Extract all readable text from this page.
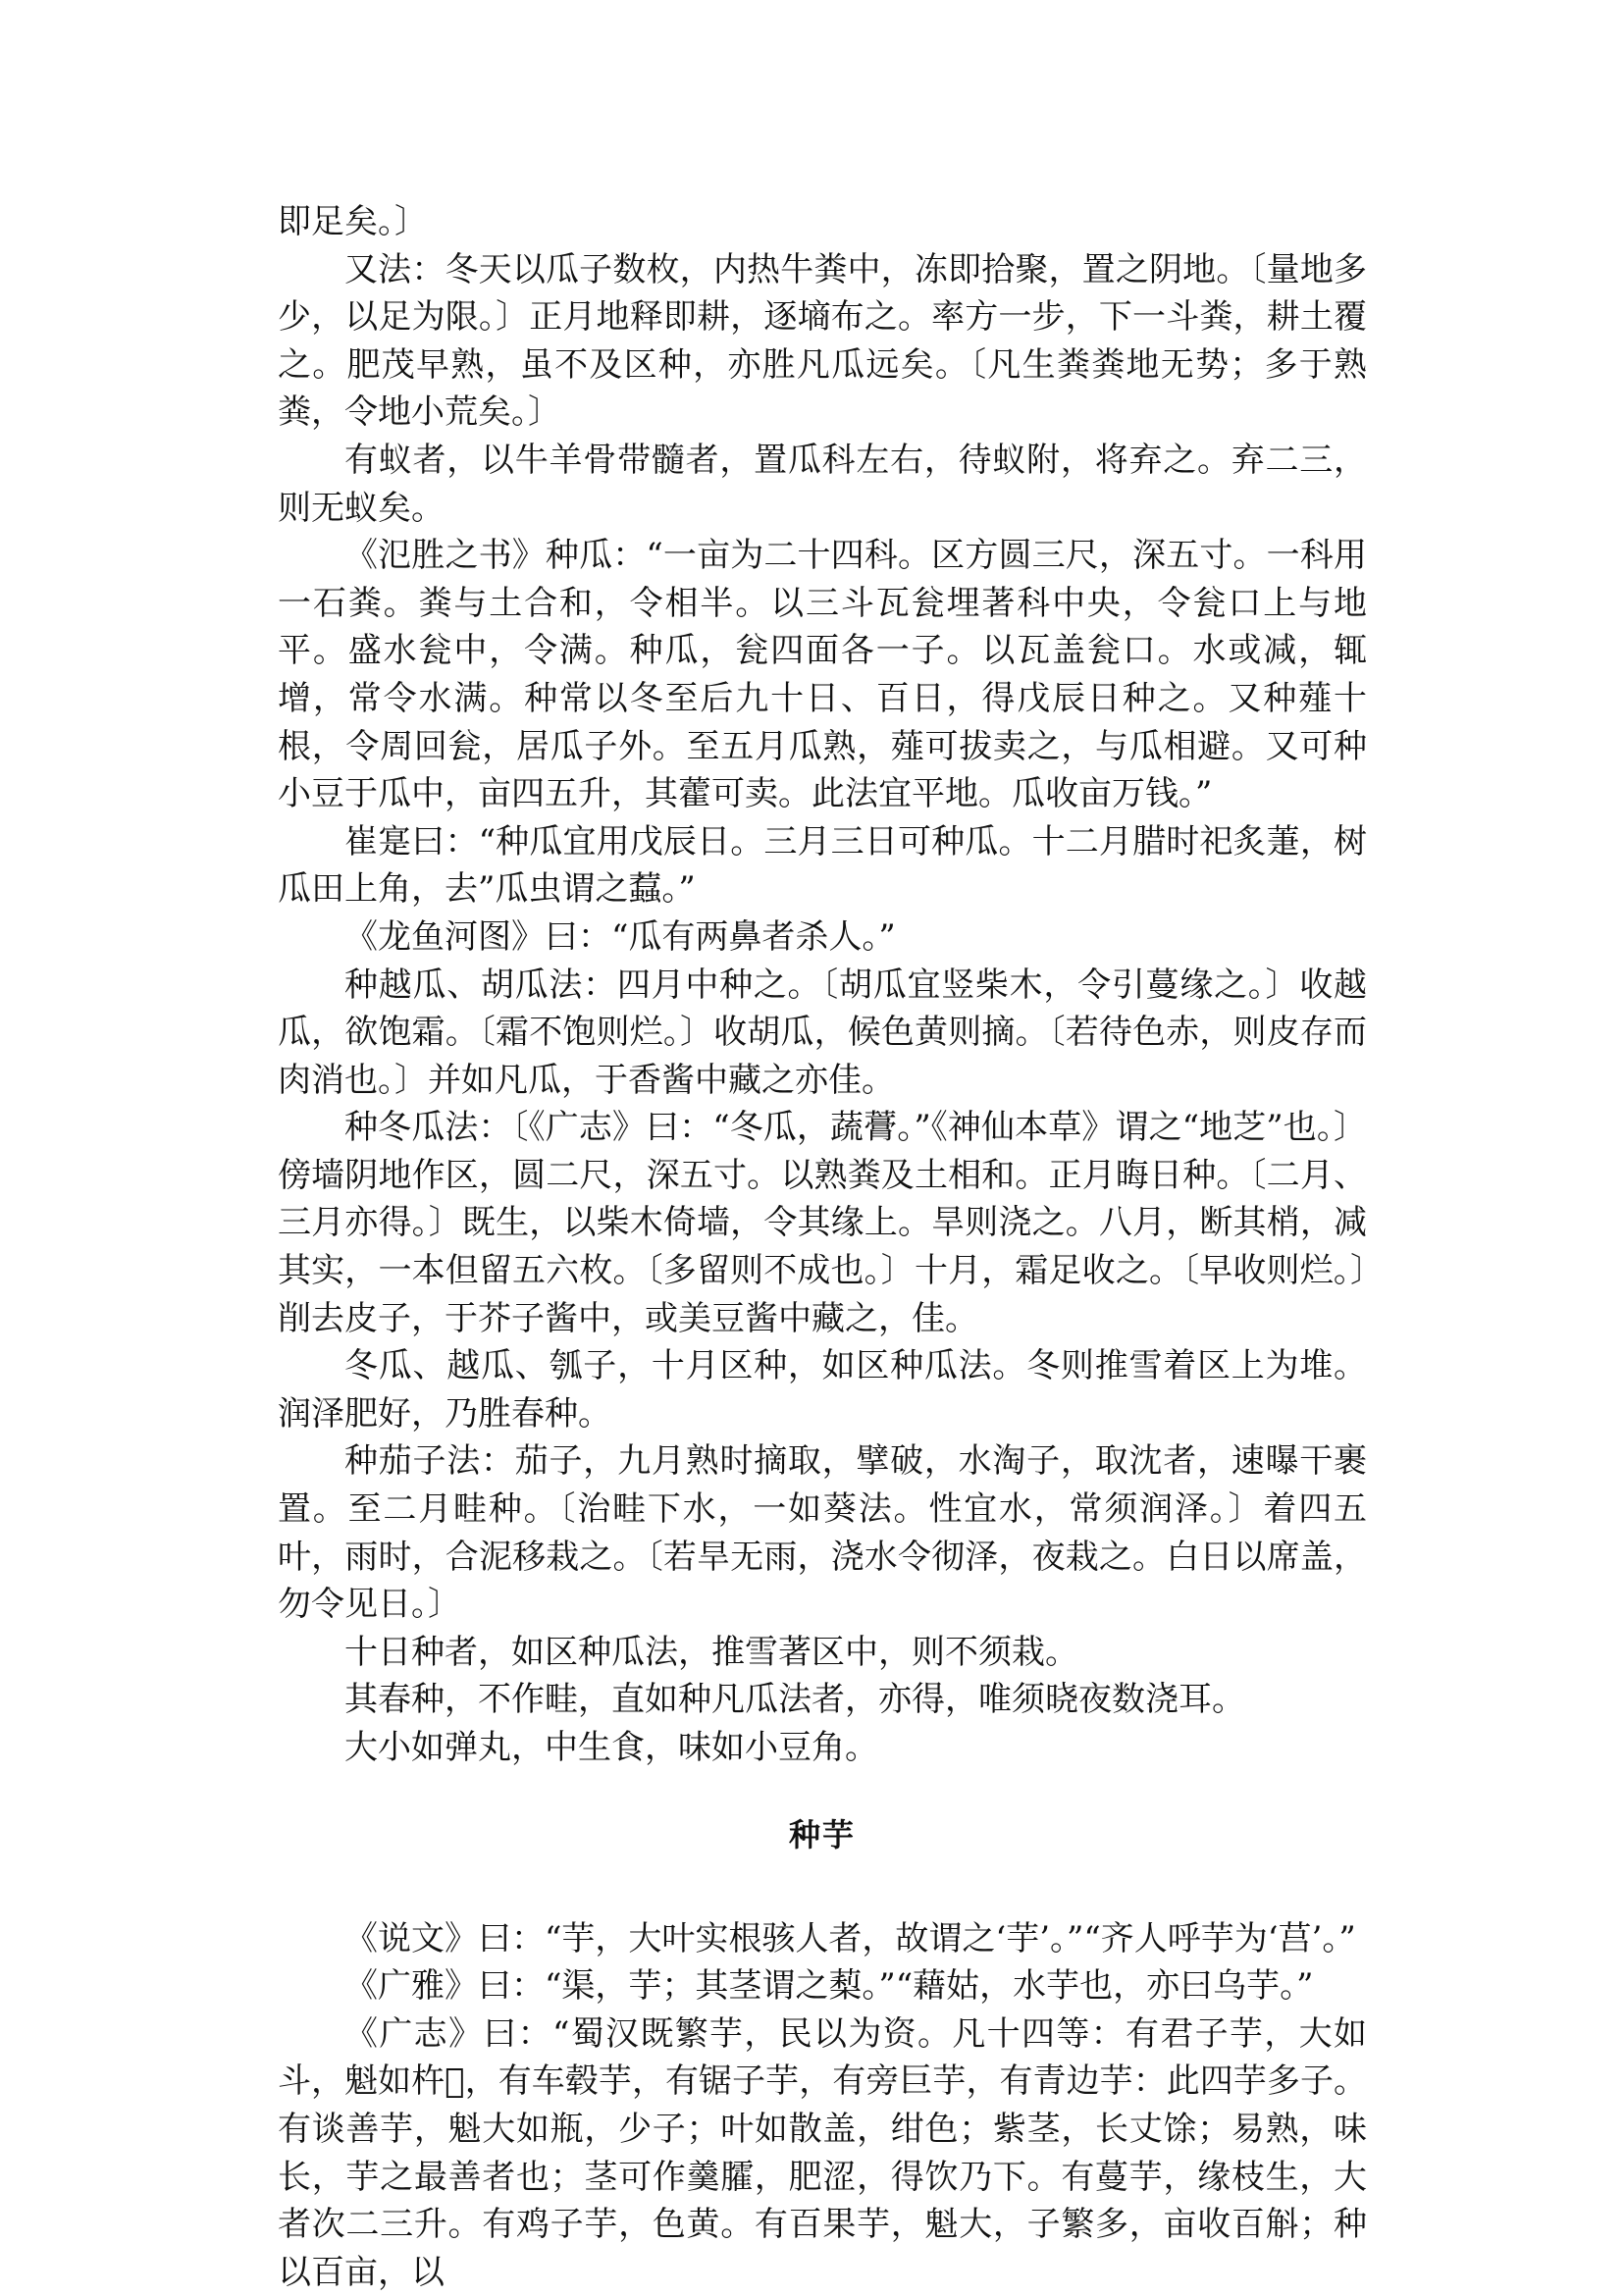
即足矣。〕

又法：冬天以瓜子数枚，内热牛粪中，冻即拾聚，置之阴地。〔量地多少，以足为限。〕正月地释即耕，逐墒布之。率方一步，下一斗粪，耕土覆之。肥茂早熟，虽不及区种，亦胜凡瓜远矣。〔凡生粪粪地无势；多于熟粪，令地小荒矣。〕

有蚁者，以牛羊骨带髓者，置瓜科左右，待蚁附，将弃之。弃二三，则无蚁矣。

《氾胜之书》种瓜：“一亩为二十四科。区方圆三尺，深五寸。一科用一石粪。粪与土合和，令相半。以三斗瓦瓮埋著科中央，令瓮口上与地平。盛水瓮中，令满。种瓜，瓮四面各一子。以瓦盖瓮口。水或减，辄增，常令水满。种常以冬至后九十日、百日，得戊辰日种之。又种薤十根，令周回瓮，居瓜子外。至五月瓜熟，薤可拔卖之，与瓜相避。又可种小豆于瓜中，亩四五升，其藿可卖。此法宜平地。瓜收亩万钱。”

崔寔曰：“种瓜宜用戊辰日。三月三日可种瓜。十二月腊时祀炙萐，树瓜田上角，去”瓜虫谓之蠚。”

《龙鱼河图》曰：“瓜有两鼻者杀人。”

种越瓜、胡瓜法：四月中种之。〔胡瓜宜竖柴木，令引蔓缘之。〕收越瓜，欲饱霜。〔霜不饱则烂。〕收胡瓜，候色黄则摘。〔若待色赤，则皮存而肉消也。〕并如凡瓜，于香酱中藏之亦佳。

种冬瓜法：〔《广志》曰：“冬瓜，蔬𧀎。”《神仙本草》谓之“地芝”也。〕傍墙阴地作区，圆二尺，深五寸。以熟粪及土相和。正月晦日种。〔二月、三月亦得。〕既生，以柴木倚墙，令其缘上。旱则浇之。八月，断其梢，减其实，一本但留五六枚。〔多留则不成也。〕十月，霜足收之。〔早收则烂。〕削去皮子，于芥子酱中，或美豆酱中藏之，佳。

冬瓜、越瓜、瓠子，十月区种，如区种瓜法。冬则推雪着区上为堆。润泽肥好，乃胜春种。

种茄子法：茄子，九月熟时摘取，擘破，水淘子，取沈者，速曝干裹置。至二月畦种。〔治畦下水，一如葵法。性宜水，常须润泽。〕着四五叶，雨时，合泥移栽之。〔若旱无雨，浇水令彻泽，夜栽之。白日以席盖，勿令见日。〕

十日种者，如区种瓜法，推雪著区中，则不须栽。

其春种，不作畦，直如种凡瓜法者，亦得，唯须晓夜数浇耳。

大小如弹丸，中生食，味如小豆角。

种芋

《说文》曰：“芋，大叶实根骇人者，故谓之‘芋’。”“齐人呼芋为‘莒’。”

《广雅》曰：“渠，芋；其茎谓之䔧。”“藉姑，水芋也，亦曰乌芋。”

《广志》曰：“蜀汉既繁芋，民以为资。凡十四等：有君子芋，大如斗，魁如杵𥳽，有车毂芋，有锯子芋，有旁巨芋，有青边芋：此四芋多子。有谈善芋，魁大如瓶，少子；叶如散盖，绀色；紫茎，长丈馀；易熟，味长，芋之最善者也；茎可作羹臛，肥涩，得饮乃下。有蔓芋，缘枝生，大者次二三升。有鸡子芋，色黄。有百果芋，魁大，子繁多，亩收百斛；种以百亩，以
